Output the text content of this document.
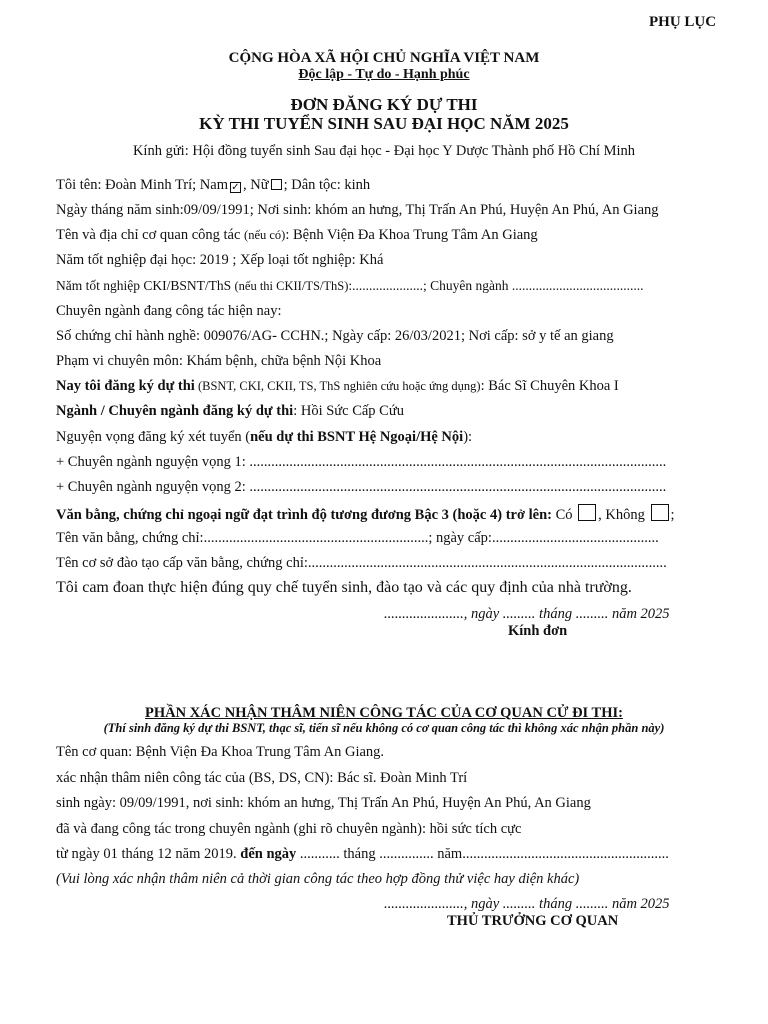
PHỤ LỤC
CỘNG HÒA XÃ HỘI CHỦ NGHĨA VIỆT NAM
Độc lập - Tự do - Hạnh phúc
ĐƠN ĐĂNG KÝ DỰ THI
KỲ THI TUYỂN SINH SAU ĐẠI HỌC NĂM 2025
Kính gửi: Hội đồng tuyển sinh Sau đại học - Đại học Y Dược Thành phố Hồ Chí Minh
Tôi tên: Đoàn Minh Trí; Nam ✓ , Nữ ; Dân tộc: kinh
Ngày tháng năm sinh:09/09/1991; Nơi sinh: khóm an hưng, Thị Trấn An Phú, Huyện An Phú, An Giang
Tên và địa chỉ cơ quan công tác (nếu có): Bệnh Viện Đa Khoa Trung Tâm An Giang
Năm tốt nghiệp đại học: 2019 ; Xếp loại tốt nghiệp: Khá
Năm tốt nghiệp CKI/BSNT/ThS (nếu thi CKII/TS/ThS):.....................; Chuyên ngành .......................................
Chuyên ngành đang công tác hiện nay:
Số chứng chỉ hành nghề: 009076/AG- CCHN.; Ngày cấp: 26/03/2021; Nơi cấp: sở y tế an giang
Phạm vi chuyên môn: Khám bệnh, chữa bệnh Nội Khoa
Nay tôi đăng ký dự thi (BSNT, CKI, CKII, TS, ThS nghiên cứu hoặc ứng dụng): Bác Sĩ Chuyên Khoa I
Ngành / Chuyên ngành đăng ký dự thi: Hồi Sức Cấp Cứu
Nguyện vọng đăng ký xét tuyển (nếu dự thi BSNT Hệ Ngoại/Hệ Nội):
+ Chuyên ngành nguyện vọng 1: ...................................................................................................................
+ Chuyên ngành nguyện vọng 2: ...................................................................................................................
Văn bằng, chứng chỉ ngoại ngữ đạt trình độ tương đương Bậc 3 (hoặc 4) trở lên: Có , Không ;
Tên văn bằng, chứng chỉ:..............................................................; ngày cấp:..............................................
Tên cơ sở đào tạo cấp văn bằng, chứng chỉ:...................................................................................................
Tôi cam đoan thực hiện đúng quy chế tuyển sinh, đào tạo và các quy định của nhà trường.
......................, ngày ......... tháng ......... năm 2025
Kính đơn
PHẦN XÁC NHẬN THÂM NIÊN CÔNG TÁC CỦA CƠ QUAN CỬ ĐI THI:
(Thí sinh đăng ký dự thi BSNT, thạc sĩ, tiến sĩ nếu không có cơ quan công tác thì không xác nhận phần này)
Tên cơ quan: Bệnh Viện Đa Khoa Trung Tâm An Giang.
xác nhận thâm niên công tác của (BS, DS, CN): Bác sĩ. Đoàn Minh Trí
sinh ngày: 09/09/1991, nơi sinh: khóm an hưng, Thị Trấn An Phú, Huyện An Phú, An Giang
đã và đang công tác trong chuyên ngành (ghi rõ chuyên ngành): hồi sức tích cực
từ ngày 01 tháng 12 năm 2019. đến ngày ........... tháng ............... năm.........................................................
(Vui lòng xác nhận thâm niên cả thời gian công tác theo hợp đồng thử việc hay diện khác)
......................, ngày ......... tháng ......... năm 2025
THỦ TRƯỞNG CƠ QUAN
